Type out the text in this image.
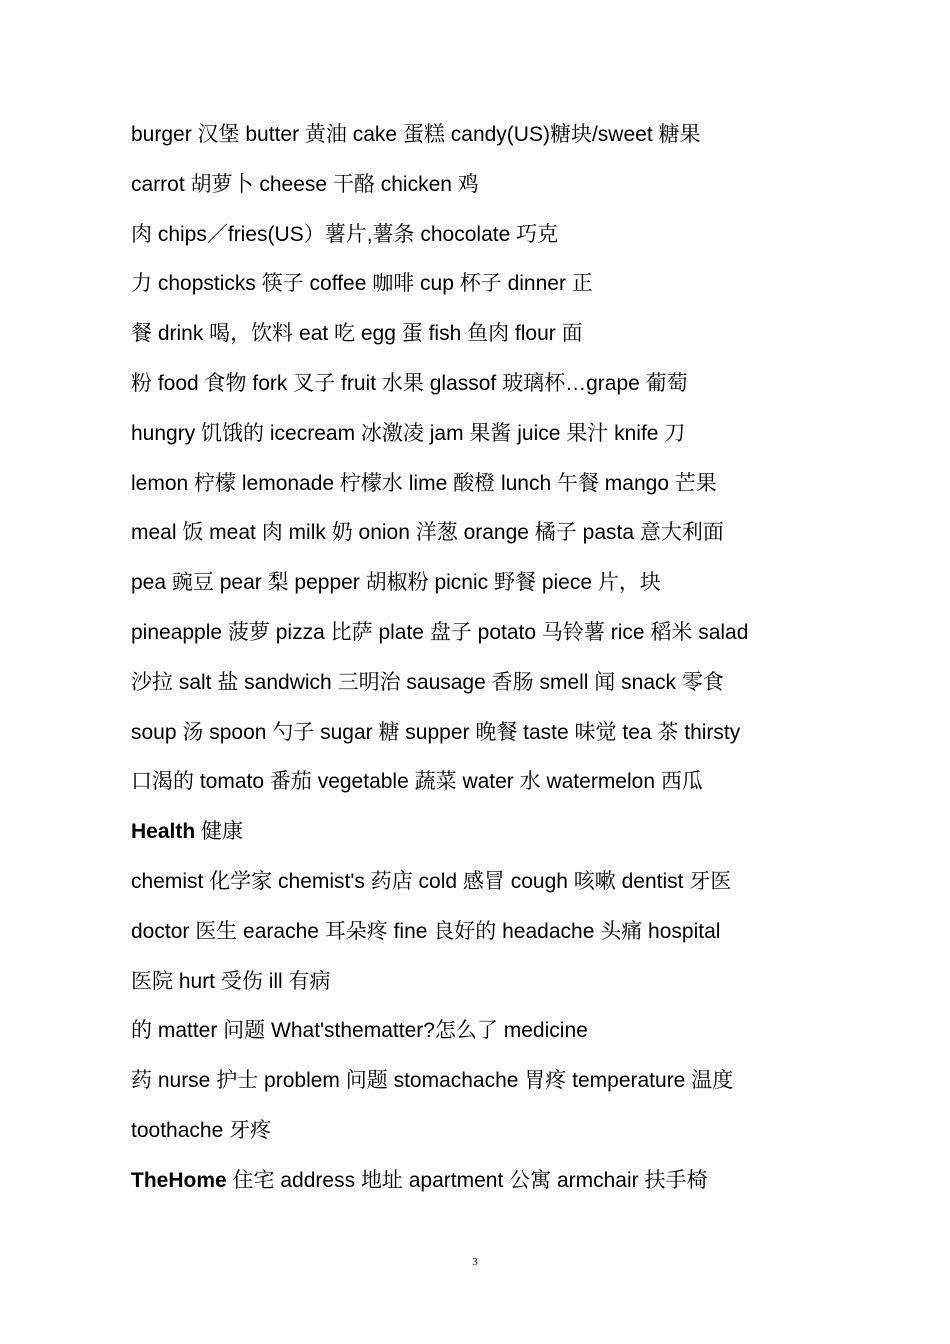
burger 汉堡 butter 黄油 cake 蛋糕 candy(US)糖块/sweet 糖果
carrot 胡萝卜 cheese 干酪 chicken 鸡
肉 chips／fries(US）薯片,薯条 chocolate 巧克
力 chopsticks 筷子 coffee 咖啡 cup 杯子 dinner 正
餐 drink 喝，饮料 eat 吃 egg 蛋 fish 鱼肉 flour 面
粉 food 食物 fork 叉子 fruit 水果 glassof 玻璃杯…grape 葡萄
hungry 饥饿的 icecream 冰激凌 jam 果酱 juice 果汁 knife 刀
lemon 柠檬 lemonade 柠檬水 lime 酸橙 lunch 午餐 mango 芒果
meal 饭 meat 肉 milk 奶 onion 洋葱 orange 橘子 pasta 意大利面
pea 豌豆 pear 梨 pepper 胡椒粉 picnic 野餐 piece 片，块
pineapple 菠萝 pizza 比萨 plate 盘子 potato 马铃薯 rice 稻米 salad
沙拉 salt 盐 sandwich 三明治 sausage 香肠 smell 闻 snack 零食
soup 汤 spoon 勺子 sugar 糖 supper 晚餐 taste 味觉 tea 茶 thirsty
口渴的 tomato 番茄 vegetable 蔬菜 water 水 watermelon 西瓜
Health 健康
chemist 化学家 chemist's 药店 cold 感冒 cough 咳嗽 dentist 牙医
doctor 医生 earache 耳朵疼 fine 良好的 headache 头痛 hospital
医院 hurt 受伤 ill 有病
的 matter 问题 What'sthematter?怎么了 medicine
药 nurse 护士 problem 问题 stomachache 胃疼 temperature 温度
toothache 牙疼
TheHome 住宅 address 地址 apartment 公寓 armchair 扶手椅
3
